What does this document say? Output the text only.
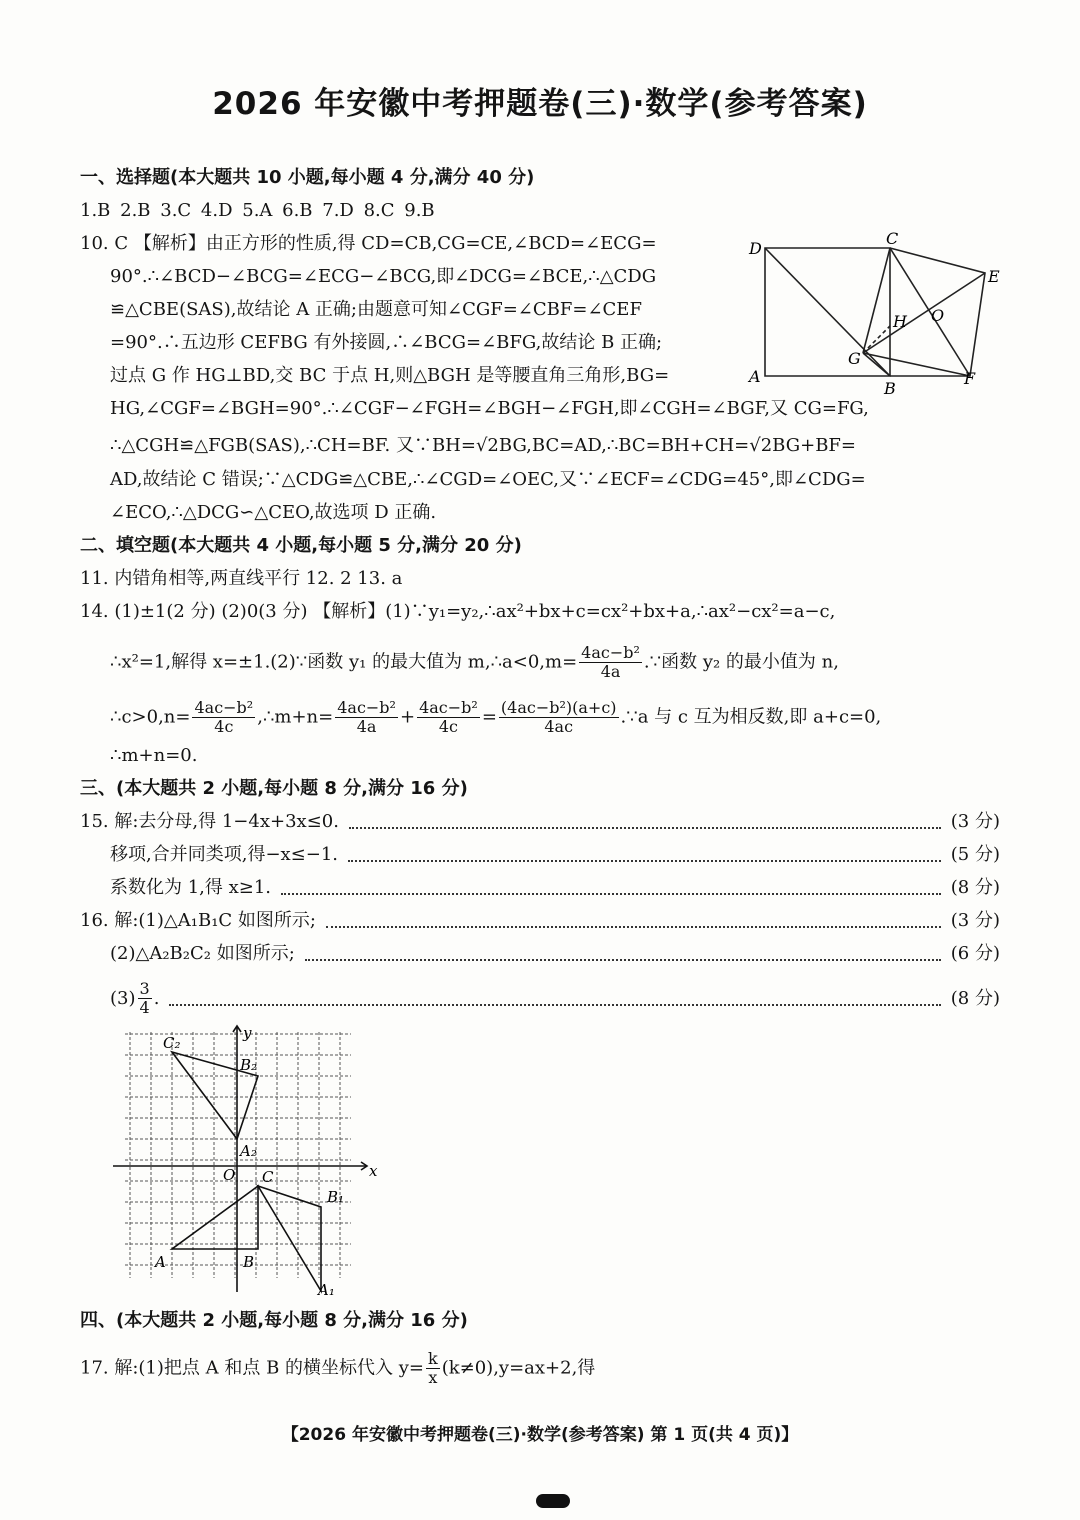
2026 年安徽中考押题卷(三)·数学(参考答案)
一、选择题(本大题共 10 小题,每小题 4 分,满分 40 分)
1.B 2.B 3.C 4.D 5.A 6.B 7.D 8.C 9.B
10. C 【解析】由正方形的性质,得 CD=CB,CG=CE,∠BCD=∠ECG=
90°.∴∠BCD−∠BCG=∠ECG−∠BCG,即∠DCG=∠BCE,∴△CDG
≌△CBE(SAS),故结论 A 正确;由题意可知∠CGF=∠CBF=∠CEF
=90°.∴五边形 CEFBG 有外接圆,∴∠BCG=∠BFG,故结论 B 正确;
过点 G 作 HG⊥BD,交 BC 于点 H,则△BGH 是等腰直角三角形,BG=
HG,∠CGF=∠BGH=90°.∴∠CGF−∠FGH=∠BGH−∠FGH,即∠CGH=∠BGF,又 CG=FG,
∴△CGH≌△FGB(SAS),∴CH=BF. 又∵BH=√2BG,BC=AD,∴BC=BH+CH=√2BG+BF=
AD,故结论 C 错误;∵△CDG≌△CBE,∴∠CGD=∠OEC,又∵∠ECF=∠CDG=45°,即∠CDG=
∠ECO,∴△DCG∽△CEO,故选项 D 正确.
D
C
E
H O
G
A
B
F
二、填空题(本大题共 4 小题,每小题 5 分,满分 20 分)
11. 内错角相等,两直线平行 12. 2 13. a
14. (1)±1(2 分) (2)0(3 分) 【解析】(1)∵y₁=y₂,∴ax²+bx+c=cx²+bx+a,∴ax²−cx²=a−c,
∴x²=1,解得 x=±1.(2)∵函数 y₁ 的最大值为 m,∴a<0,m= $\frac{\text{4ac−b²}}{4a}$ .∵函数 y₂ 的最小值为 n,
∴c>0,n= $\frac{\text{4ac−b²}}{4c}$ ,∴m+n= $\frac{\text{4ac−b²}}{4a} + \frac{\text{4ac−b²}}{4c} = \frac{\text{(4ac−b²)(a+c)}}{4ac}$ .∵a 与 c 互为相反数,即 a+c=0,
∴m+n=0.
三、(本大题共 2 小题,每小题 8 分,满分 16 分)
15. 解:去分母,得 1−4x+3x≤0.	(3 分)
移项,合并同类项,得−x≤−1.	(5 分)
系数化为 1,得 x≥1.	(8 分)
16. 解:(1)△A₁B₁C 如图所示;	(3 分)
(2)△A₂B₂C₂ 如图所示;	(6 分)
$(3) \frac{3}{4}$ .	(8 分)
x
y
O C
C₂
B₂
A₂
B₁
A₁
A	B
四、(本大题共 2 小题,每小题 8 分,满分 16 分)
17. 解:(1)把点 A 和点 B 的横坐标代入 $y= \frac{k}{x} (k\ne 0),y=ax+2$,得
【2026 年安徽中考押题卷(三)·数学(参考答案) 第 1 页(共 4 页)】
